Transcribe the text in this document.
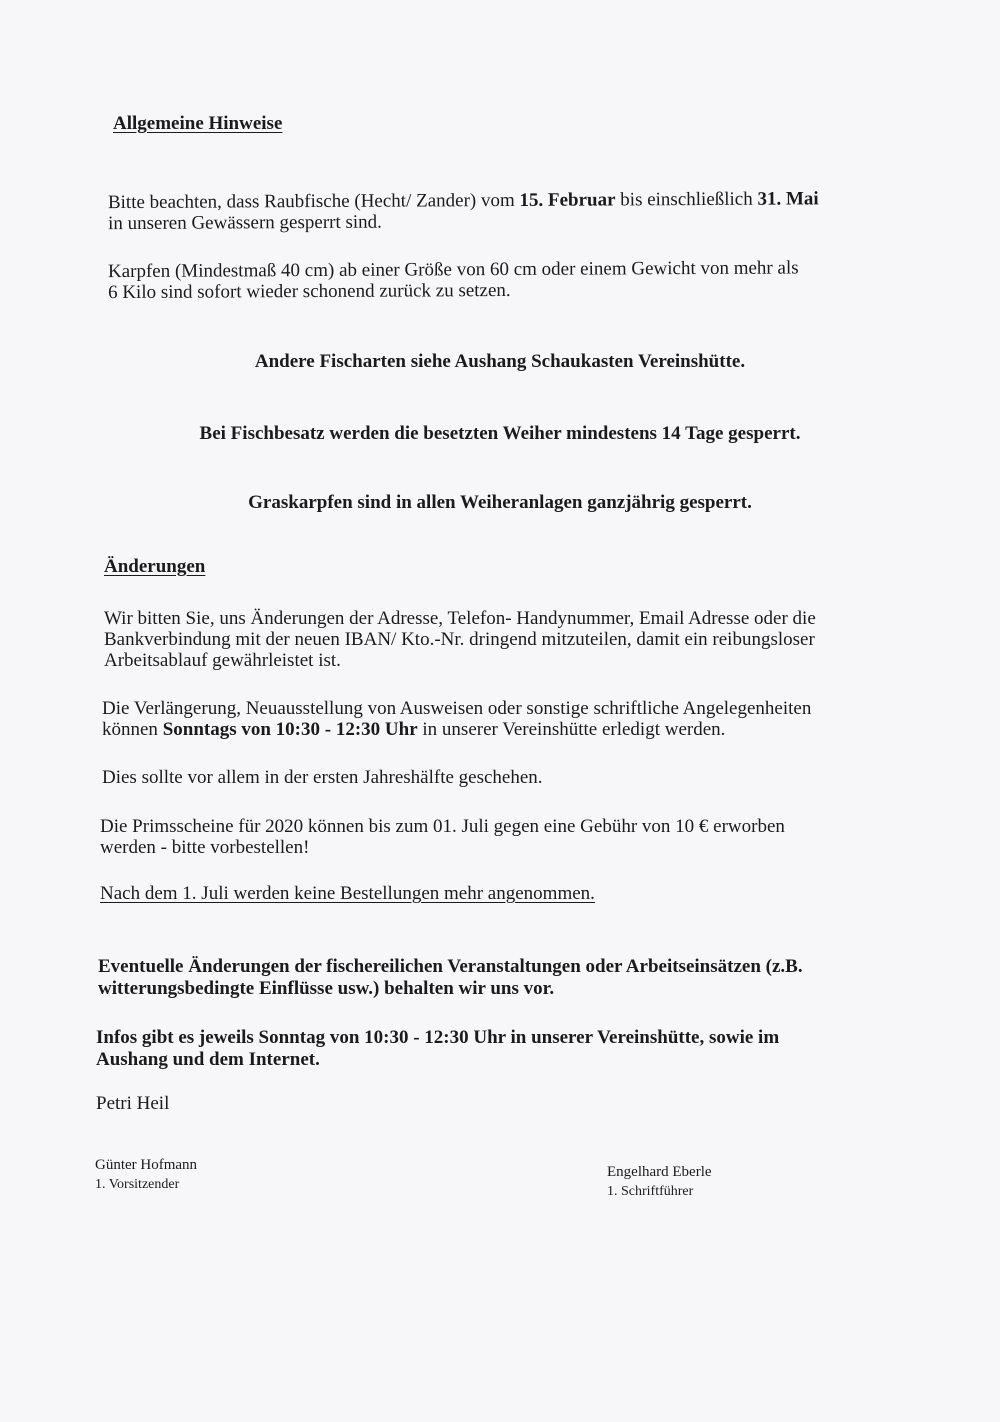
Allgemeine Hinweise
Bitte beachten, dass Raubfische (Hecht/ Zander) vom 15. Februar bis einschließlich 31. Mai
in unseren Gewässern gesperrt sind.
Karpfen (Mindestmaß 40 cm) ab einer Größe von 60 cm oder einem Gewicht von mehr als
6 Kilo sind sofort wieder schonend zurück zu setzen.
Andere Fischarten siehe Aushang Schaukasten Vereinshütte.
Bei Fischbesatz werden die besetzten Weiher mindestens 14 Tage gesperrt.
Graskarpfen sind in allen Weiheranlagen ganzjährig gesperrt.
Änderungen
Wir bitten Sie, uns Änderungen der Adresse, Telefon- Handynummer, Email Adresse oder die
Bankverbindung mit der neuen IBAN/ Kto.-Nr. dringend mitzuteilen, damit ein reibungsloser
Arbeitsablauf gewährleistet ist.
Die Verlängerung, Neuausstellung von Ausweisen oder sonstige schriftliche Angelegenheiten
können Sonntags von 10:30 - 12:30 Uhr in unserer Vereinshütte erledigt werden.
Dies sollte vor allem in der ersten Jahreshälfte geschehen.
Die Primsscheine für 2020 können bis zum 01. Juli gegen eine Gebühr von 10 € erworben
werden - bitte vorbestellen!
Nach dem 1. Juli werden keine Bestellungen mehr angenommen.
Eventuelle Änderungen der fischereilichen Veranstaltungen oder Arbeitseinsätzen (z.B.
witterungsbedingte Einflüsse usw.) behalten wir uns vor.
Infos gibt es jeweils Sonntag von 10:30 - 12:30 Uhr in unserer Vereinshütte, sowie im
Aushang und dem Internet.
Petri Heil
Günter Hofmann
1. Vorsitzender
Engelhard Eberle
1. Schriftführer
